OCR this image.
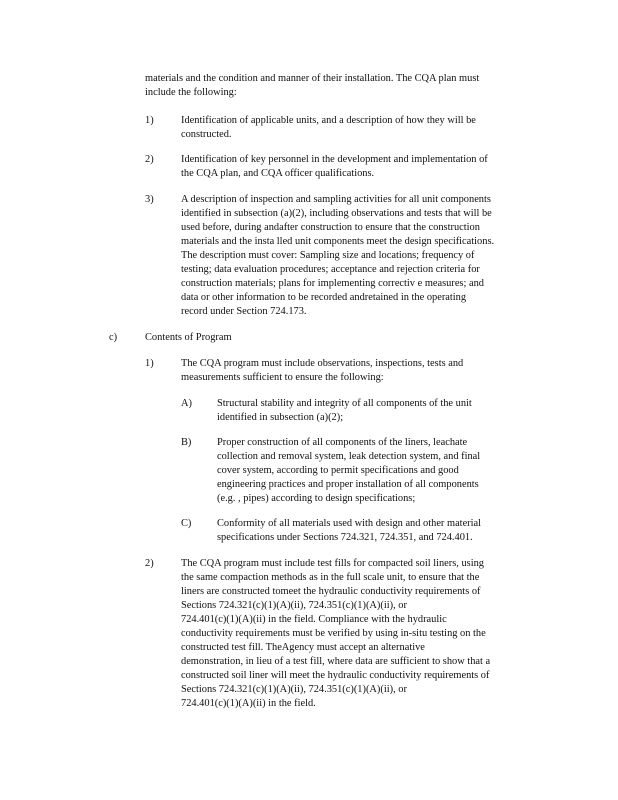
materials and the condition and manner of their installation. The CQA plan must
include the following:
1)	Identification of applicable units, and a description of how they will be
constructed.
2)	Identification of key personnel in the development and implementation of
the CQA plan, and CQA officer qualifications.
3)	A description of inspection and sampling activities for all unit components
identified in subsection (a)(2), including observations and tests that will be
used before, during andafter construction to ensure that the construction
materials and the insta lled unit components meet the design specifications.
The description must cover: Sampling size and locations; frequency of
testing; data evaluation procedures; acceptance and rejection criteria for
construction materials; plans for implementing correctiv e measures; and
data or other information to be recorded andretained in the operating
record under Section 724.173.
c)	Contents of Program
1)	The CQA program must include observations, inspections, tests and
measurements sufficient to ensure the following:
A) Structural stability and integrity of all components of the unit
identified in subsection (a)(2);
B) Proper construction of all components of the liners, leachate
collection and removal system, leak detection system, and final
cover system, according to permit specifications and good
engineering practices and proper installation of all components
(e.g. , pipes) according to design specifications;
C) Conformity of all materials used with design and other material
specifications under Sections 724.321, 724.351, and 724.401.
2)	The CQA program must include test fills for compacted soil liners, using
the same compaction methods as in the full scale unit, to ensure that the
liners are constructed tomeet the hydraulic conductivity requirements of
Sections 724.321(c)(1)(A)(ii), 724.351(c)(1)(A)(ii), or
724.401(c)(1)(A)(ii) in the field. Compliance with the hydraulic
conductivity requirements must be verified by using in-situ testing on the
constructed test fill. TheAgency must accept an alternative
demonstration, in lieu of a test fill, where data are sufficient to show that a
constructed soil liner will meet the hydraulic conductivity requirements of
Sections 724.321(c)(1)(A)(ii), 724.351(c)(1)(A)(ii), or
724.401(c)(1)(A)(ii) in the field.
